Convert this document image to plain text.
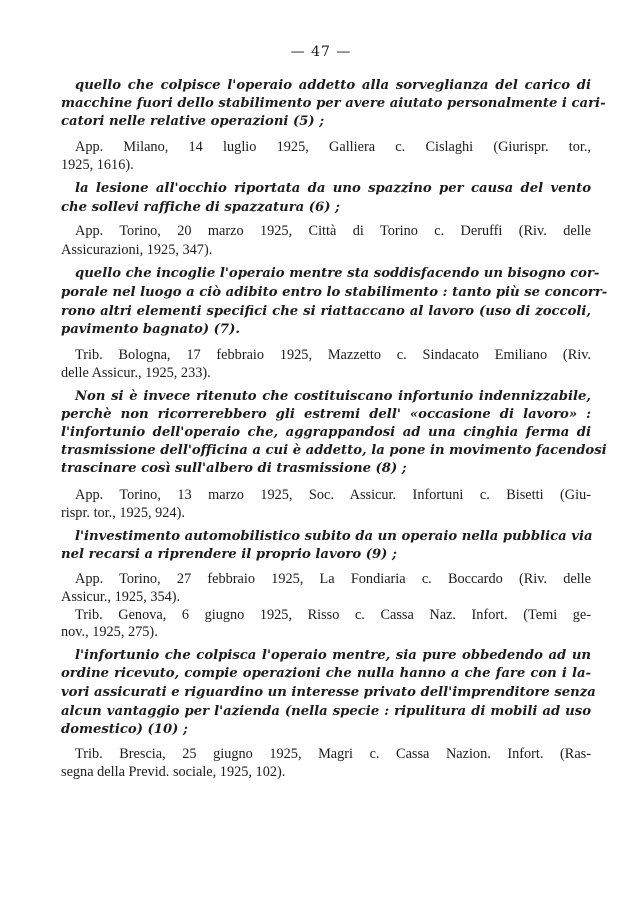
— 47 —
quello che colpisce l'operaio addetto alla sorveglianza del carico di
macchine fuori dello stabilimento per avere aiutato personalmente i cari-
catori nelle relative operazioni (5) ;
App. Milano, 14 luglio 1925, Galliera c. Cislaghi (Giurispr. tor.,
1925, 1616).
la lesione all'occhio riportata da uno spazzino per causa del vento
che sollevi raffiche di spazzatura (6) ;
App. Torino, 20 marzo 1925, Città di Torino c. Deruffi (Riv. delle
Assicurazioni, 1925, 347).
quello che incoglie l'operaio mentre sta soddisfacendo un bisogno cor-
porale nel luogo a ciò adibito entro lo stabilimento : tanto più se concorr-
rono altri elementi specifici che si riattaccano al lavoro (uso di zoccoli,
pavimento bagnato) (7).
Trib. Bologna, 17 febbraio 1925, Mazzetto c. Sindacato Emiliano (Riv.
delle Assicur., 1925, 233).
Non si è invece ritenuto che costituiscano infortunio indennizzabile,
perchè non ricorrerebbero gli estremi dell' «occasione di lavoro» :
l'infortunio dell'operaio che, aggrappandosi ad una cinghia ferma di
trasmissione dell'officina a cui è addetto, la pone in movimento facendosi
trascinare così sull'albero di trasmissione (8) ;
App. Torino, 13 marzo 1925, Soc. Assicur. Infortuni c. Bisetti (Giu-
rispr. tor., 1925, 924).
l'investimento automobilistico subito da un operaio nella pubblica via
nel recarsi a riprendere il proprio lavoro (9) ;
App. Torino, 27 febbraio 1925, La Fondiaria c. Boccardo (Riv. delle
Assicur., 1925, 354).
Trib. Genova, 6 giugno 1925, Risso c. Cassa Naz. Infort. (Temi ge-
nov., 1925, 275).
l'infortunio che colpisca l'operaio mentre, sia pure obbedendo ad un
ordine ricevuto, compie operazioni che nulla hanno a che fare con i la-
vori assicurati e riguardino un interesse privato dell'imprenditore senza
alcun vantaggio per l'azienda (nella specie : ripulitura di mobili ad uso
domestico) (10) ;
Trib. Brescia, 25 giugno 1925, Magri c. Cassa Nazion. Infort. (Ras-
segna della Previd. sociale, 1925, 102).
